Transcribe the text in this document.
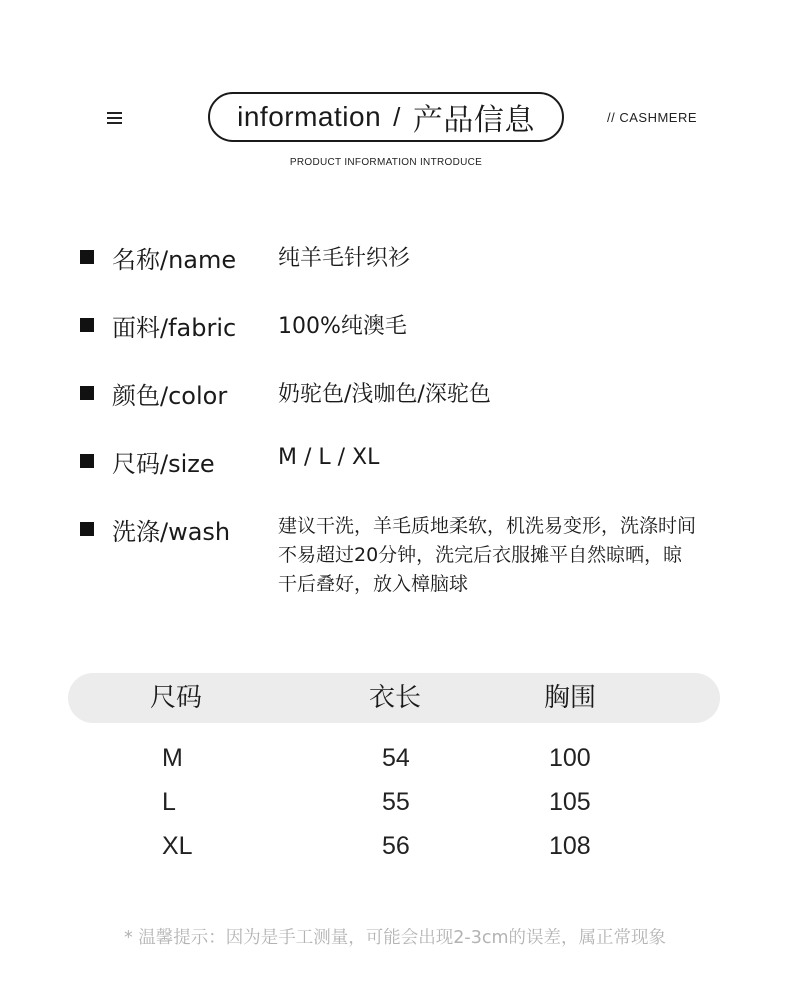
information / 产品信息	// CASHMERE
PRODUCT INFORMATION INTRODUCE
名称/name 纯羊毛针织衫
面料/fabric 100%纯澳毛
颜色/color 奶驼色/浅咖色/深驼色
尺码/size	M / L / XL
洗涤/wash	建议干洗，羊毛质地柔软，机洗易变形，洗涤时间不易超过20分钟，洗完后衣服摊平自然晾晒，晾干后叠好，放入樟脑球
尺码	衣长	胸围
M	54	100
L	55	105
XL	56	108
* 温馨提示：因为是手工测量，可能会出现2-3cm的误差，属正常现象
